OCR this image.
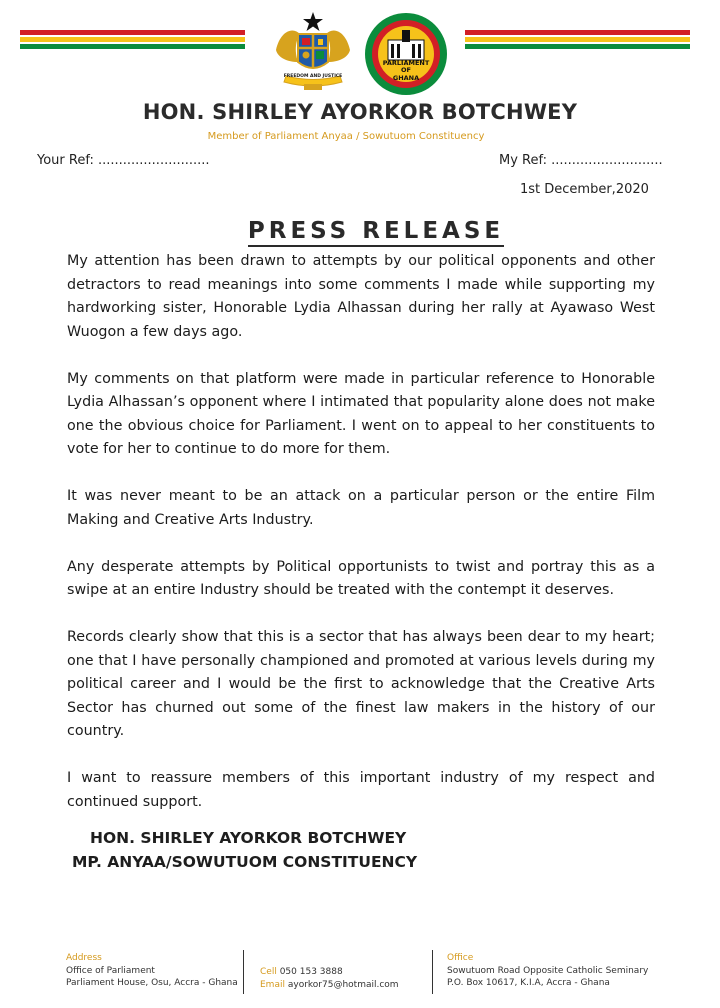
FREEDOM AND JUSTICE
PARLIAMENT
OF
GHANA
HON. SHIRLEY AYORKOR BOTCHWEY
Member of Parliament Anyaa / Sowutuom Constituency
Your Ref: ...........................	My Ref: ...........................
1st December,2020
PRESS RELEASE

My attention has been drawn to attempts by our political opponents and other detractors to read meanings into some comments I made while supporting my hardworking sister, Honorable Lydia Alhassan during her rally at Ayawaso West Wuogon a few days ago.

My comments on that platform were made in particular reference to Honorable Lydia Alhassan’s opponent where I intimated that popularity alone does not make one the obvious choice for Parliament. I went on to appeal to her constituents to vote for her to continue to do more for them.

It was never meant to be an attack on a particular person or the entire Film Making and Creative Arts Industry.

Any desperate attempts by Political opportunists to twist and portray this as a swipe at an entire Industry should be treated with the contempt it deserves.

Records clearly show that this is a sector that has always been dear to my heart; one that I have personally championed and promoted at various levels during my political career and I would be the first to acknowledge that the Creative Arts Sector has churned out some of the finest law makers in the history of our country.

I want to reassure members of this important industry of my respect and continued support.

HON. SHIRLEY AYORKOR BOTCHWEY
MP. ANYAA/SOWUTUOM CONSTITUENCY
Address
Office of Parliament
Parliament House, Osu, Accra - Ghana
Cell 050 153 3888
Email ayorkor75@hotmail.com
Office
Sowutuom Road Opposite Catholic Seminary
P.O. Box 10617, K.I.A, Accra - Ghana
